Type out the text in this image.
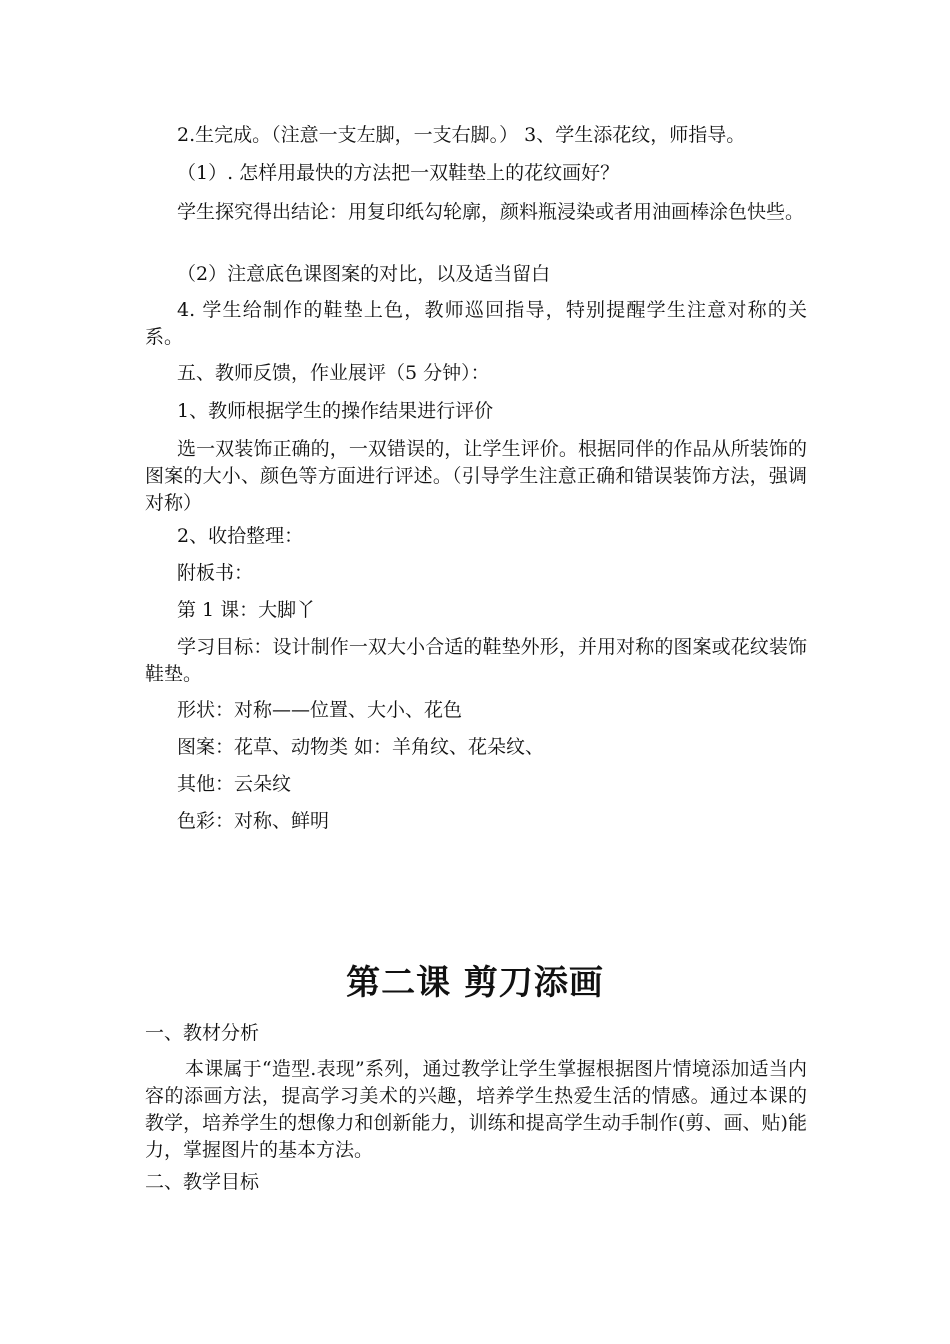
2.生完成。（注意一支左脚，一支右脚。） 3、学生添花纹，师指导。

（1）. 怎样用最快的方法把一双鞋垫上的花纹画好？

学生探究得出结论：用复印纸勾轮廓，颜料瓶浸染或者用油画棒涂色快些。

（2）注意底色课图案的对比，以及适当留白

4. 学生给制作的鞋垫上色，教师巡回指导，特别提醒学生注意对称的关系。

五、教师反馈，作业展评（5 分钟）：

1、教师根据学生的操作结果进行评价

选一双装饰正确的，一双错误的，让学生评价。根据同伴的作品从所装饰的图案的大小、颜色等方面进行评述。（引导学生注意正确和错误装饰方法，强调对称）

2、收拾整理：

附板书：

第 1 课：大脚丫

学习目标：设计制作一双大小合适的鞋垫外形，并用对称的图案或花纹装饰鞋垫。

形状：对称——位置、大小、花色

图案：花草、动物类 如：羊角纹、花朵纹、

其他：云朵纹

色彩：对称、鲜明

第二课 剪刀添画

一、教材分析

本课属于“造型.表现”系列，通过教学让学生掌握根据图片情境添加适当内容的添画方法，提高学习美术的兴趣，培养学生热爱生活的情感。通过本课的教学，培养学生的想像力和创新能力，训练和提高学生动手制作(剪、画、贴)能力，掌握图片的基本方法。

二、教学目标
